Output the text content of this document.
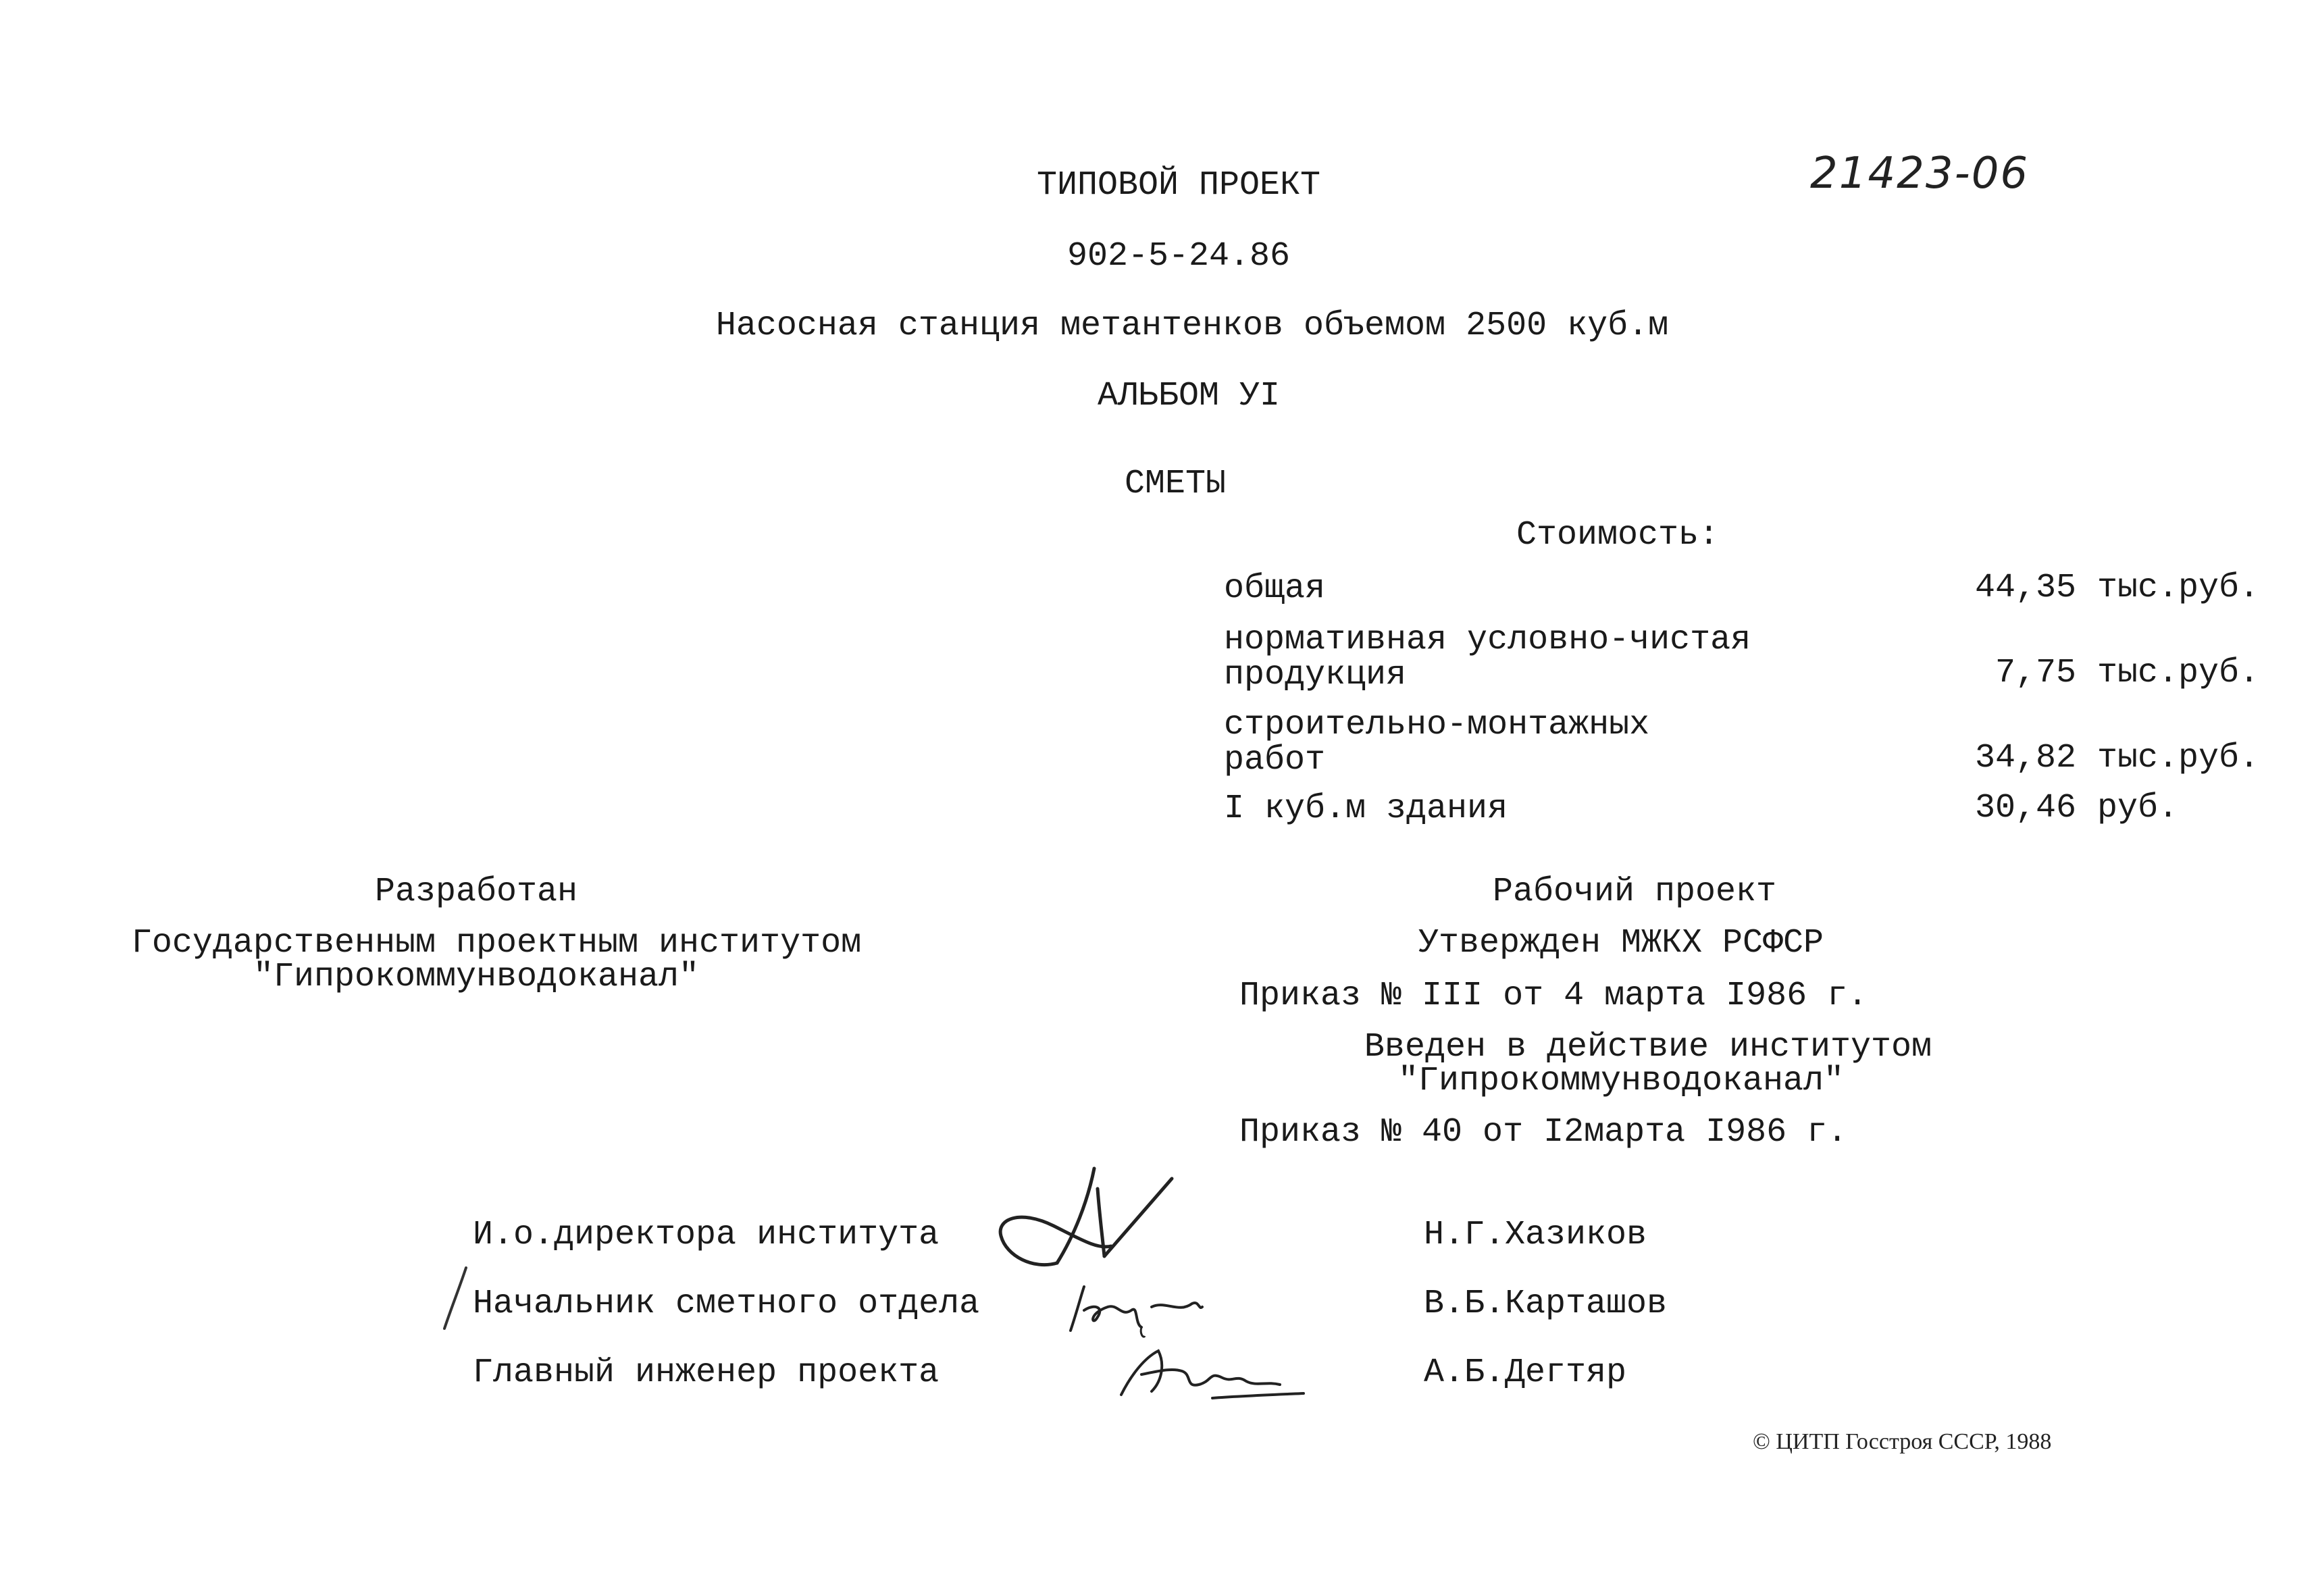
ТИПОВОЙ ПРОЕКТ
902-5-24.86
Насосная станция метантенков объемом 2500 куб.м
АЛЬБОМ УI
СМЕТЫ
21423-06
Стоимость:
общая	44,35 тыс.руб.
нормативная условно-чистая
продукция	7,75 тыс.руб.
строительно-монтажных
работ	34,82 тыс.руб.
I куб.м здания	30,46 руб.
Разработан
Государственным проектным институтом
"Гипрокоммунводоканал"
Рабочий проект
Утвержден МЖКХ РСФСР
Приказ № III от 4 марта I986 г.
Введен в действие институтом
"Гипрокоммунводоканал"
Приказ № 40 от I2марта I986 г.
И.о.директора института	Н.Г.Хазиков
Начальник сметного отдела	В.Б.Карташов
Главный инженер проекта	А.Б.Дегтяр
© ЦИТП Госстроя СССР, 1988
